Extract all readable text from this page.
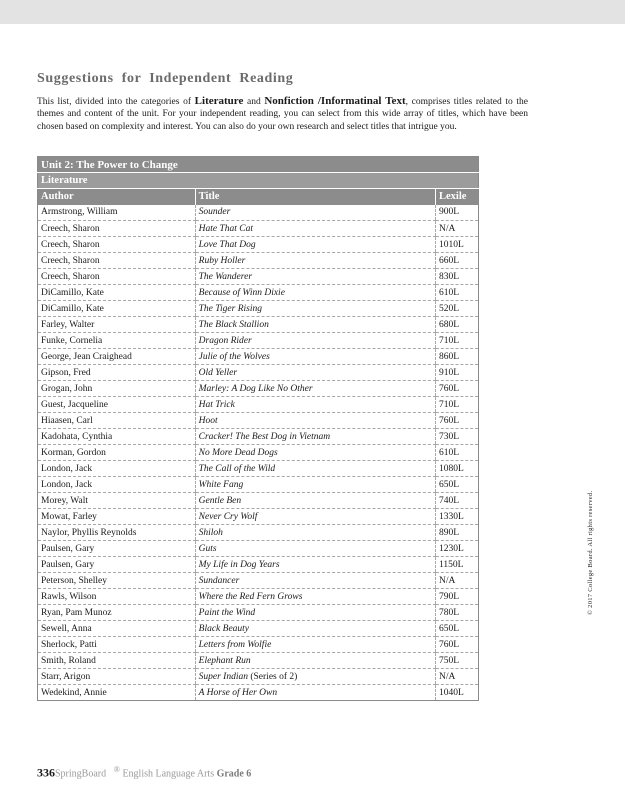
Suggestions for Independent Reading

This list, divided into the categories of Literature and Nonfiction /Informatinal Text, comprises titles related to the themes and content of the unit. For your independent reading, you can select from this wide array of titles, which have been chosen based on complexity and interest. You can also do your own research and select titles that intrigue you.

Unit 2: The Power to Change		
Literature		
Author	Title	Lexile
Armstrong, William	Sounder	900L
Creech, Sharon	Hate That Cat	N/A
Creech, Sharon	Love That Dog	1010L
Creech, Sharon	Ruby Holler	660L
Creech, Sharon	The Wanderer	830L
DiCamillo, Kate	Because of Winn Dixie	610L
DiCamillo, Kate	The Tiger Rising	520L
Farley, Walter	The Black Stallion	680L
Funke, Cornelia	Dragon Rider	710L
George, Jean Craighead	Julie of the Wolves	860L
Gipson, Fred	Old Yeller	910L
Grogan, John	Marley: A Dog Like No Other	760L
Guest, Jacqueline	Hat Trick	710L
Hiaasen, Carl	Hoot	760L
Kadohata, Cynthia	Cracker! The Best Dog in Vietnam	730L
Korman, Gordon	No More Dead Dogs	610L
London, Jack	The Call of the Wild	1080L
London, Jack	White Fang	650L
Morey, Walt	Gentle Ben	740L
Mowat, Farley	Never Cry Wolf	1330L
Naylor, Phyllis Reynolds	Shiloh	890L
Paulsen, Gary	Guts	1230L
Paulsen, Gary	My Life in Dog Years	1150L
Peterson, Shelley	Sundancer	N/A
Rawls, Wilson	Where the Red Fern Grows	790L
Ryan, Pam Munoz	Paint the Wind	780L
Sewell, Anna	Black Beauty	650L
Sherlock, Patti	Letters from Wolfie	760L
Smith, Roland	Elephant Run	750L
Starr, Arigon	Super Indian (Series of 2)	N/A
Wedekind, Annie	A Horse of Her Own	1040L
© 2017 College Board. All rights reserved.
336SpringBoard ® English Language Arts Grade 6
